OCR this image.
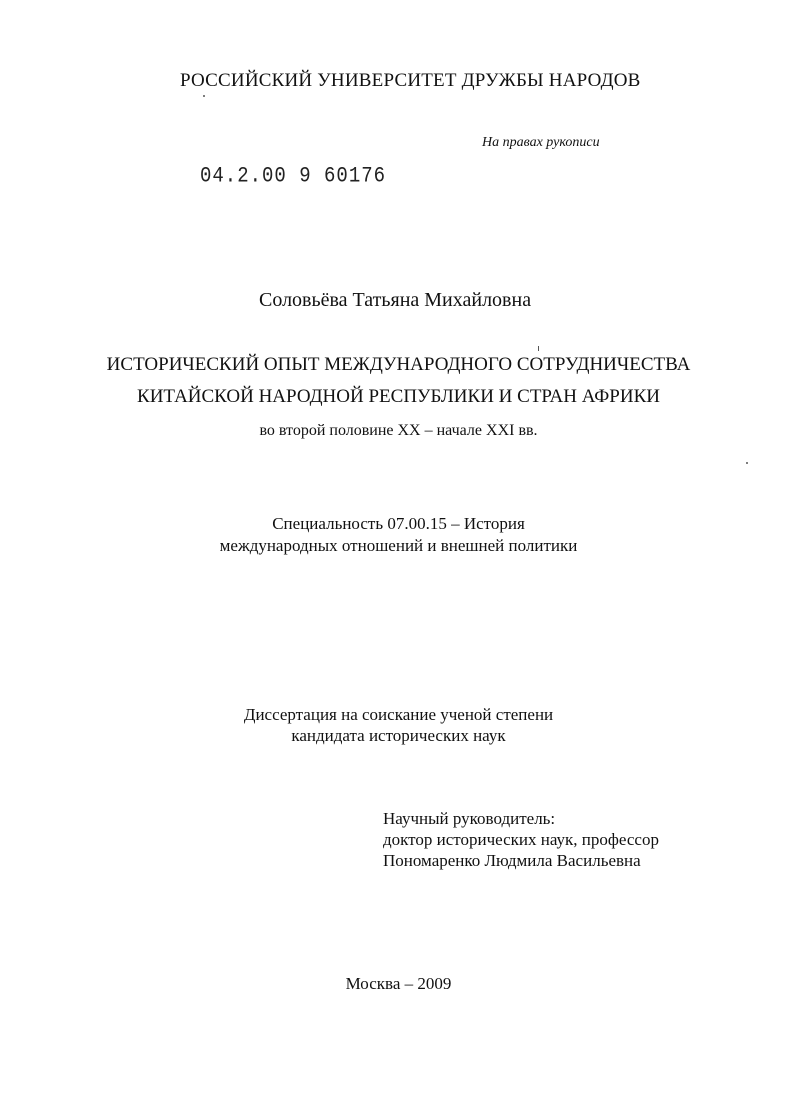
РОССИЙСКИЙ УНИВЕРСИТЕТ ДРУЖБЫ НАРОДОВ
На правах рукописи
04.2.00 9 60176
Соловьёва Татьяна Михайловна
ИСТОРИЧЕСКИЙ ОПЫТ МЕЖДУНАРОДНОГО СОТРУДНИЧЕСТВА
КИТАЙСКОЙ НАРОДНОЙ РЕСПУБЛИКИ И СТРАН АФРИКИ
во второй половине XX – начале XXI вв.
Специальность 07.00.15 – История
международных отношений и внешней политики
Диссертация на соискание ученой степени
кандидата исторических наук
Научный руководитель:
доктор исторических наук, профессор
Пономаренко Людмила Васильевна
Москва – 2009
